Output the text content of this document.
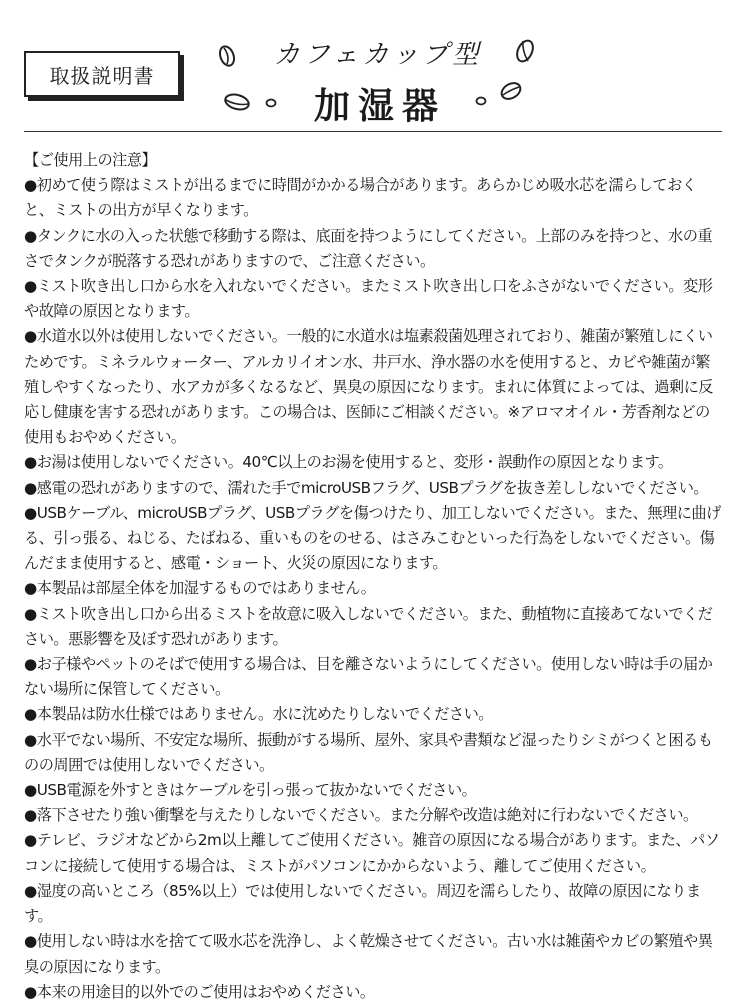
取扱説明書
カフェカップ型
加湿器

【ご使用上の注意】

●初めて使う際はミストが出るまでに時間がかかる場合があります。あらかじめ吸水芯を濡らしておくと、ミストの出方が早くなります。
●タンクに水の入った状態で移動する際は、底面を持つようにしてください。上部のみを持つと、水の重さでタンクが脱落する恐れがありますので、ご注意ください。
●ミスト吹き出し口から水を入れないでください。またミスト吹き出し口をふさがないでください。変形や故障の原因となります。
●水道水以外は使用しないでください。一般的に水道水は塩素殺菌処理されており、雑菌が繁殖しにくいためです。ミネラルウォーター、アルカリイオン水、井戸水、浄水器の水を使用すると、カビや雑菌が繁殖しやすくなったり、水アカが多くなるなど、異臭の原因になります。まれに体質によっては、過剰に反応し健康を害する恐れがあります。この場合は、医師にご相談ください。※アロマオイル・芳香剤などの使用もおやめください。
●お湯は使用しないでください。40℃以上のお湯を使用すると、変形・誤動作の原因となります。
●感電の恐れがありますので、濡れた手でmicroUSBフラグ、USBプラグを抜き差ししないでください。
●USBケーブル、microUSBプラグ、USBプラグを傷つけたり、加工しないでください。また、無理に曲げる、引っ張る、ねじる、たばねる、重いものをのせる、はさみこむといった行為をしないでください。傷んだまま使用すると、感電・ショート、火災の原因になります。
●本製品は部屋全体を加湿するものではありません。
●ミスト吹き出し口から出るミストを故意に吸入しないでください。また、動植物に直接あてないでください。悪影響を及ぼす恐れがあります。
●お子様やペットのそばで使用する場合は、目を離さないようにしてください。使用しない時は手の届かない場所に保管してください。
●本製品は防水仕様ではありません。水に沈めたりしないでください。
●水平でない場所、不安定な場所、振動がする場所、屋外、家具や書類など湿ったりシミがつくと困るものの周囲では使用しないでください。
●USB電源を外すときはケーブルを引っ張って抜かないでください。
●落下させたり強い衝撃を与えたりしないでください。また分解や改造は絶対に行わないでください。
●テレビ、ラジオなどから2m以上離してご使用ください。雑音の原因になる場合があります。また、パソコンに接続して使用する場合は、ミストがパソコンにかからないよう、離してご使用ください。
●湿度の高いところ（85%以上）では使用しないでください。周辺を濡らしたり、故障の原因になります。
●使用しない時は水を捨てて吸水芯を洗浄し、よく乾燥させてください。古い水は雑菌やカビの繁殖や異臭の原因になります。
●本来の用途目的以外でのご使用はおやめください。
